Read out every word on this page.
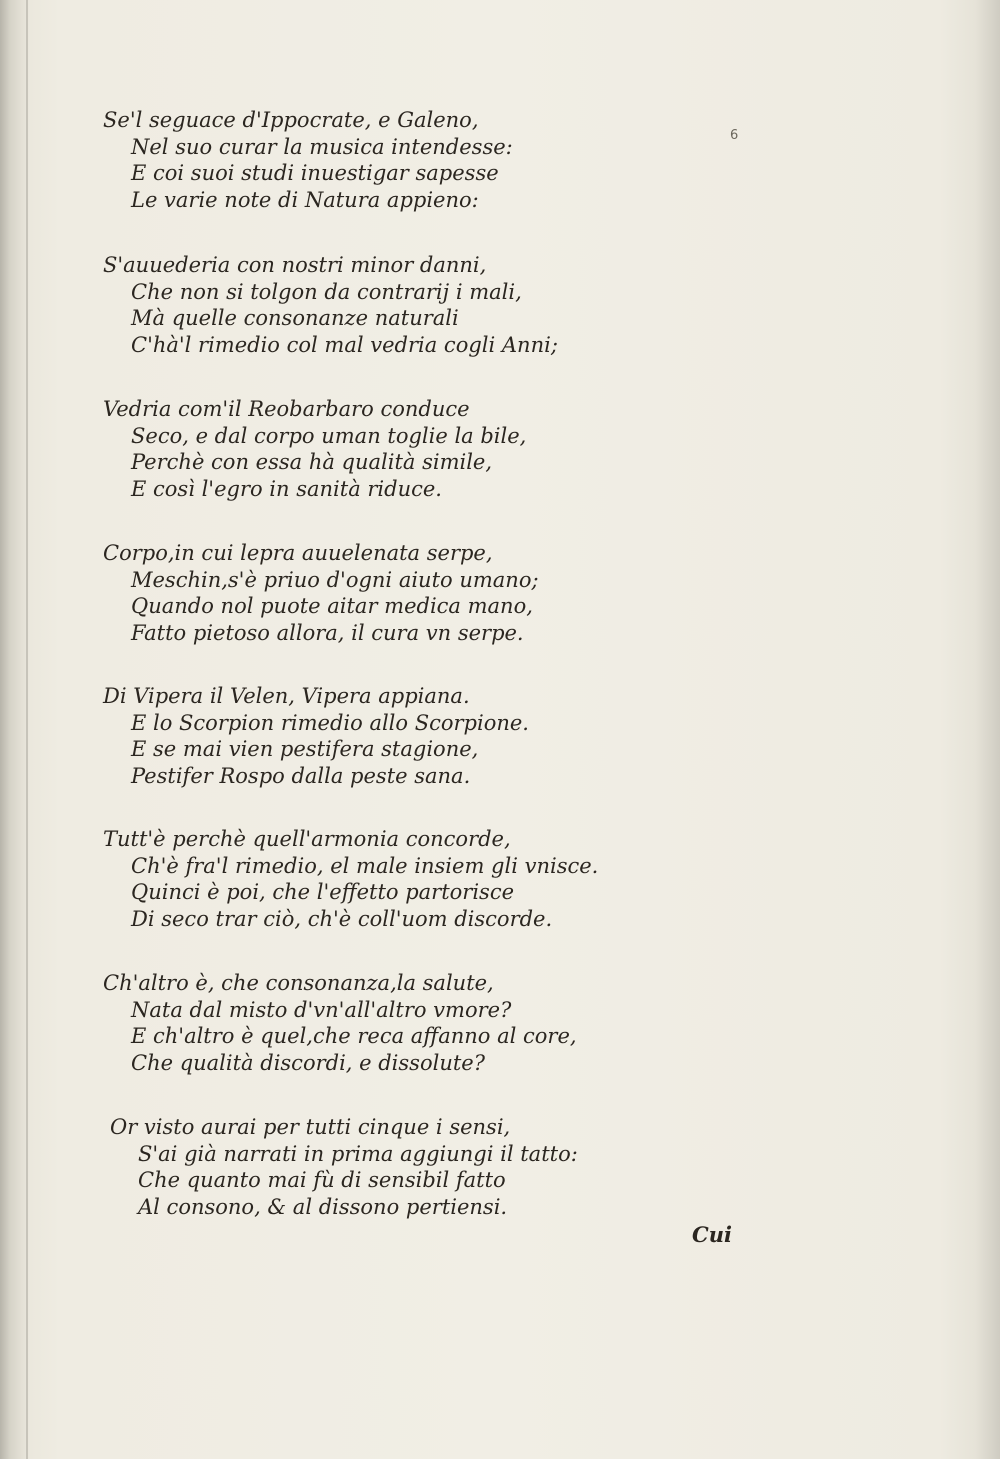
6
Se'l seguace d'Ippocrate, e Galeno,
Nel suo curar la musica intendesse:
E coi suoi studi inuestigar sapesse
Le varie note di Natura appieno:
S'auuederia con nostri minor danni,
Che non si tolgon da contrarij i mali,
Mà quelle consonanze naturali
C'hà'l rimedio col mal vedria cogli Anni;
Vedria com'il Reobarbaro conduce
Seco, e dal corpo uman toglie la bile,
Perchè con essa hà qualità simile,
E così l'egro in sanità riduce.
Corpo,in cui lepra auuelenata serpe,
Meschin,s'è priuo d'ogni aiuto umano;
Quando nol puote aitar medica mano,
Fatto pietoso allora, il cura vn serpe.
Di Vipera il Velen, Vipera appiana.
E lo Scorpion rimedio allo Scorpione.
E se mai vien pestifera stagione,
Pestifer Rospo dalla peste sana.
Tutt'è perchè quell'armonia concorde,
Ch'è fra'l rimedio, el male insiem gli vnisce.
Quinci è poi, che l'effetto partorisce
Di seco trar ciò, ch'è coll'uom discorde.
Ch'altro è, che consonanza,la salute,
Nata dal misto d'vn'all'altro vmore?
E ch'altro è quel,che reca affanno al core,
Che qualità discordi, e dissolute?
Or visto aurai per tutti cinque i sensi,
S'ai già narrati in prima aggiungi il tatto:
Che quanto mai fù di sensibil fatto
Al consono, & al dissono pertiensi.
Cui
